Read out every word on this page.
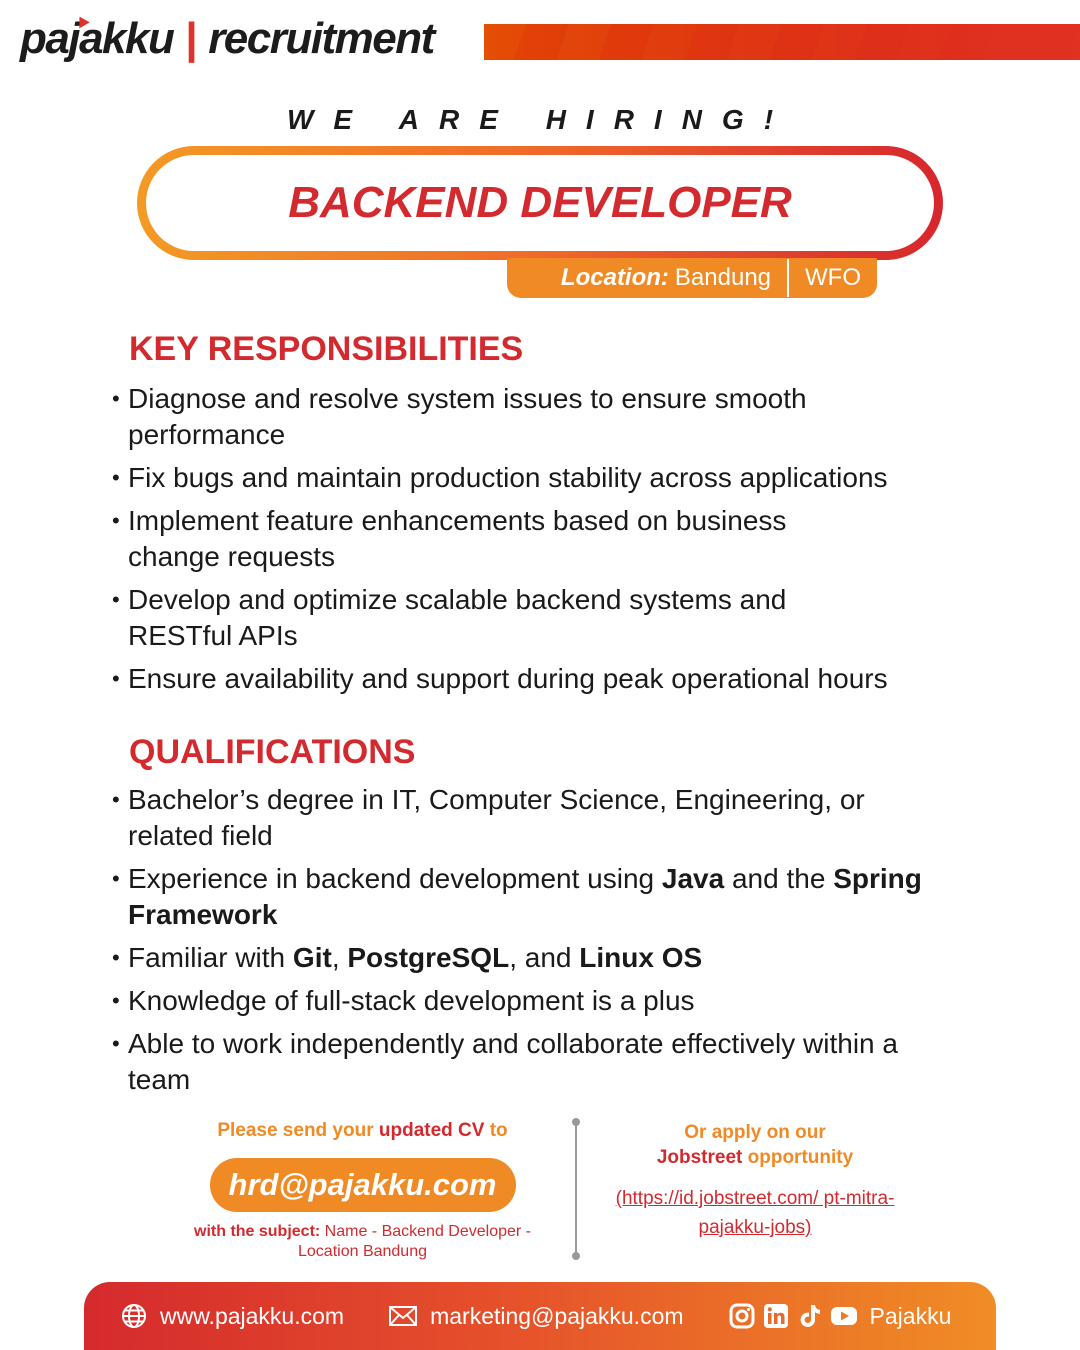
pajakku | recruitment
WE ARE HIRING!
BACKEND DEVELOPER
Location: Bandung WFO
KEY RESPONSIBILITIES
• Diagnose and resolve system issues to ensure smooth performance
• Fix bugs and maintain production stability across applications
• Implement feature enhancements based on business change requests
• Develop and optimize scalable backend systems and RESTful APIs
• Ensure availability and support during peak operational hours
QUALIFICATIONS
• Bachelor’s degree in IT, Computer Science, Engineering, or related field
• Experience in backend development using Java and the Spring Framework
• Familiar with Git, PostgreSQL, and Linux OS
• Knowledge of full-stack development is a plus
• Able to work independently and collaborate effectively within a team
Please send your updated CV to
hrd@pajakku.com
with the subject: Name - Backend Developer - Location Bandung
Or apply on our
Jobstreet opportunity
(https://id.jobstreet.com/ pt-mitra-pajakku-jobs)
www.pajakku.com	marketing@pajakku.com	Pajakku
